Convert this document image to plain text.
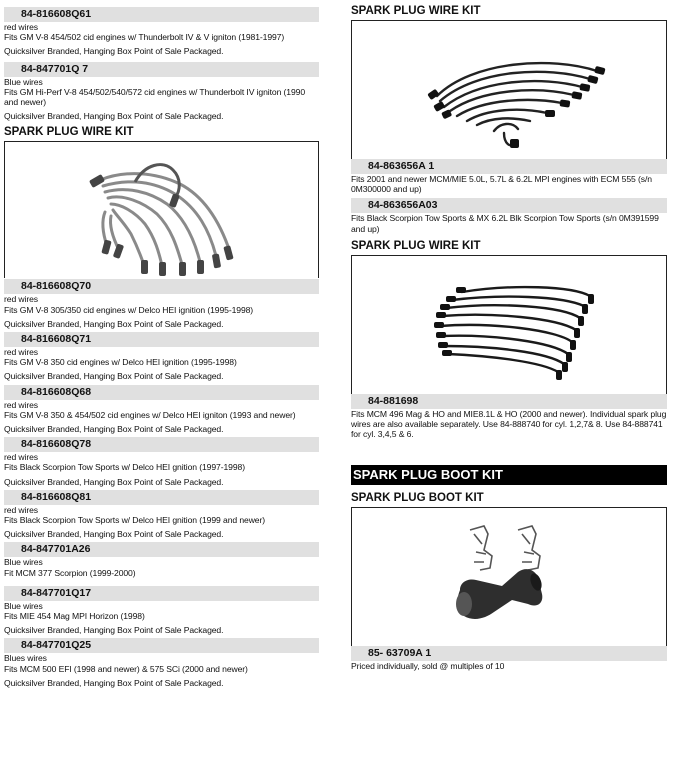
84-816608Q61

red wires

Fits GM V-8 454/502 cid engines w/ Thunderbolt IV & V igniton (1981-1997)

Quicksilver Branded, Hanging Box Point of Sale Packaged.

84-847701Q 7

Blue wires

Fits GM Hi-Perf V-8 454/502/540/572 cid engines w/ Thunderbolt IV igniton (1990 and newer)

Quicksilver Branded, Hanging Box Point of Sale Packaged.

SPARK PLUG WIRE KIT
84-816608Q70

red wires

Fits GM V-8 305/350 cid engines w/ Delco HEI ignition (1995-1998)

Quicksilver Branded, Hanging Box Point of Sale Packaged.

84-816608Q71

red wires

Fits GM V-8 350 cid engines w/ Delco HEI ignition (1995-1998)

Quicksilver Branded, Hanging Box Point of Sale Packaged.

84-816608Q68

red wires

Fits GM V-8 350 & 454/502 cid engines w/ Delco HEI igniton (1993 and newer)

Quicksilver Branded, Hanging Box Point of Sale Packaged.

84-816608Q78

red wires

Fits Black Scorpion Tow Sports w/ Delco HEI gnition (1997-1998)

Quicksilver Branded, Hanging Box Point of Sale Packaged.

84-816608Q81

red wires

Fits Black Scorpion Tow Sports w/ Delco HEI gnition (1999 and newer)

Quicksilver Branded, Hanging Box Point of Sale Packaged.

84-847701A26

Blue wires

Fit MCM 377 Scorpion (1999-2000)

84-847701Q17

Blue wires

Fits MIE 454 Mag MPI Horizon (1998)

Quicksilver Branded, Hanging Box Point of Sale Packaged.

84-847701Q25

Blues wires

Fits MCM 500 EFI (1998 and newer) & 575 SCi (2000 and newer)

Quicksilver Branded, Hanging Box Point of Sale Packaged.

SPARK PLUG WIRE KIT
84-863656A 1

Fits 2001 and newer MCM/MIE 5.0L, 5.7L & 6.2L MPI engines with ECM 555 (s/n 0M300000 and up)

84-863656A03

Fits Black Scorpion Tow Sports & MX 6.2L Blk Scorpion Tow Sports (s/n 0M391599 and up)

SPARK PLUG WIRE KIT
84-881698

Fits MCM 496 Mag & HO and MIE8.1L & HO (2000 and newer). Individual spark plug wires are also available separately. Use 84-888740 for cyl. 1,2,7& 8. Use 84-888741 for cyl. 3,4,5 & 6.

SPARK PLUG BOOT KIT
SPARK PLUG BOOT KIT
85- 63709A 1

Priced individually, sold @ multiples of 10
